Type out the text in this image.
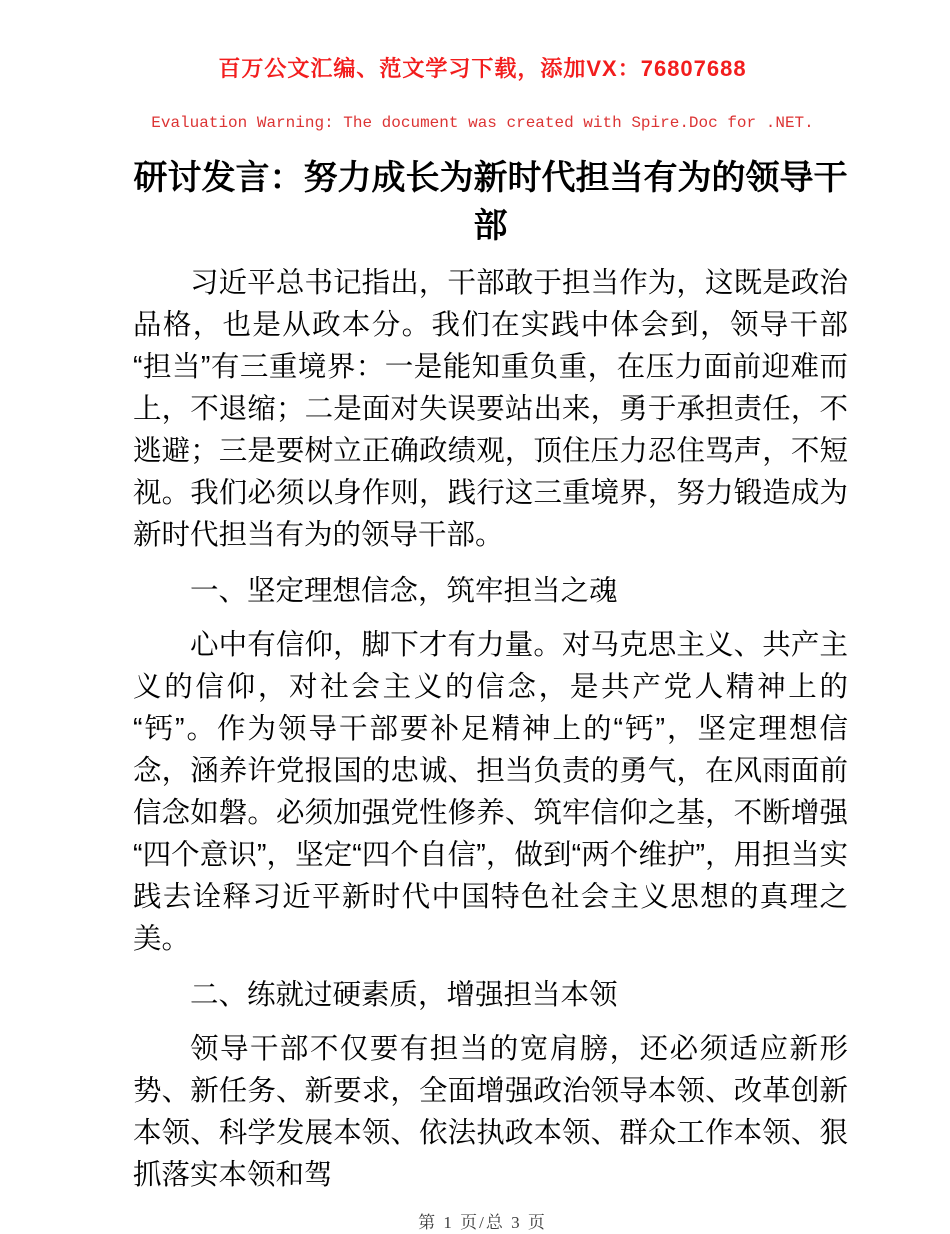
百万公文汇编、范文学习下载，添加VX：76807688
Evaluation Warning: The document was created with Spire.Doc for .NET.
研讨发言：努力成长为新时代担当有为的领导干部
习近平总书记指出，干部敢于担当作为，这既是政治品格，也是从政本分。我们在实践中体会到，领导干部“担当”有三重境界：一是能知重负重，在压力面前迎难而上，不退缩；二是面对失误要站出来，勇于承担责任，不逃避；三是要树立正确政绩观，顶住压力忍住骂声，不短视。我们必须以身作则，践行这三重境界，努力锻造成为新时代担当有为的领导干部。
一、坚定理想信念，筑牢担当之魂
心中有信仰，脚下才有力量。对马克思主义、共产主义的信仰，对社会主义的信念，是共产党人精神上的“钙”。作为领导干部要补足精神上的“钙”，坚定理想信念，涵养许党报国的忠诚、担当负责的勇气，在风雨面前信念如磐。必须加强党性修养、筑牢信仰之基，不断增强“四个意识”，坚定“四个自信”，做到“两个维护”，用担当实践去诠释习近平新时代中国特色社会主义思想的真理之美。
二、练就过硬素质，增强担当本领
领导干部不仅要有担当的宽肩膀，还必须适应新形势、新任务、新要求，全面增强政治领导本领、改革创新本领、科学发展本领、依法执政本领、群众工作本领、狠抓落实本领和驾
第 1 页/总 3 页
